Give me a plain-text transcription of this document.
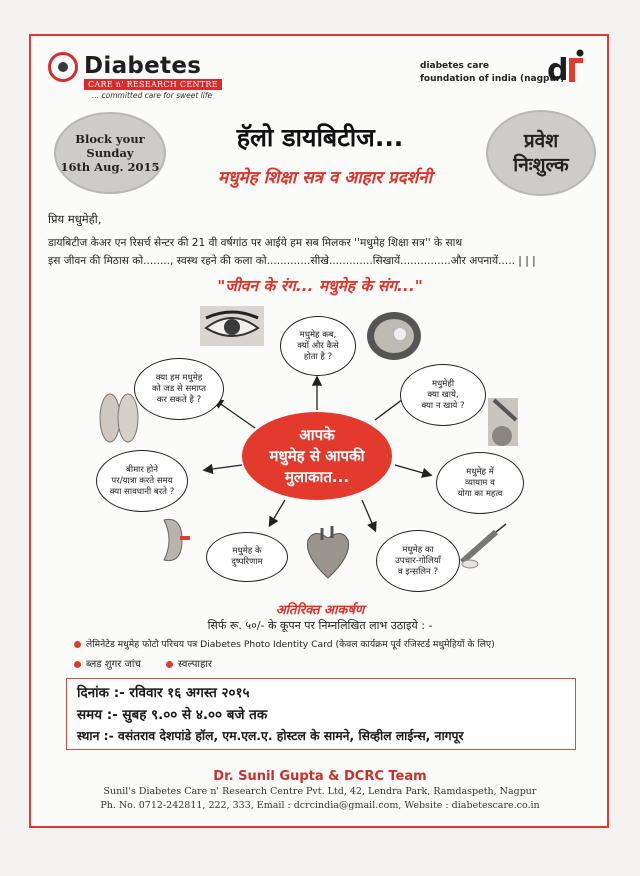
Diabetes
CARE n' RESEARCH CENTRE
... committed care for sweet life
diabetes care
foundation of india (nagpur)
d
Block your
Sunday
16th Aug. 2015
प्रवेश
निःशुल्क
हॅलो डायबिटीज...
मधुमेह शिक्षा सत्र व आहार प्रदर्शनी
प्रिय मधुमेही,
डायबिटीज केअर एन रिसर्च सेन्टर की 21 वी वर्षगांठ पर आईये हम सब मिलकर ''मधुमेह शिक्षा सत्र'' के साथ
इस जीवन की मिठास को........, स्वस्थ रहने की कला को.............सीखे.............सिखायें...............और अपनायें..... | | |
"जीवन के रंग... मधुमेह के संग..."
मधुमेह कब,
क्यों और कैसे
होता है ?
मधुमेही
क्या खाये,
क्या न खाये ?
मधुमेह में
व्यायाम व
योगा का महत्व
मधुमेह का
उपचार-गोलियाँ
व इन्सलिन ?
मधुमेह के
दुष्परिणाम
बीमार होने
पर/यात्रा करते समय
क्या सावधानी बरते ?
क्या हम मधुमेह
को जड से समाप्त
कर सकते है ?
आपके
मधुमेह से आपकी
मुलाकात...
अतिरिक्त आकर्षण
सिर्फ रू. ५०/- के कूपन पर निम्नलिखित लाभ उठाइये : -
लेमिनेटेड मधुमेह फोटो परिचय पत्र Diabetes Photo Identity Card (केवल कार्यक्रम पूर्व रजिस्टर्ड मधुमेहियों के लिए)
ब्लड शुगर जांच	स्वल्पाहार
दिनांक :- रविवार १६ अगस्त २०१५
समय :- सुबह ९.०० से ४.०० बजे तक
स्थान :- वसंतराव देशपांडे हॉल, एम.एल.ए. होस्टल के सामने, सिव्हील लाईन्स, नागपूर
Dr. Sunil Gupta & DCRC Team
Sunil's Diabetes Care n' Research Centre Pvt. Ltd, 42, Lendra Park, Ramdaspeth, Nagpur
Ph. No. 0712-242811, 222, 333, Email : dcrcindia@gmail.com, Website : diabetescare.co.in
